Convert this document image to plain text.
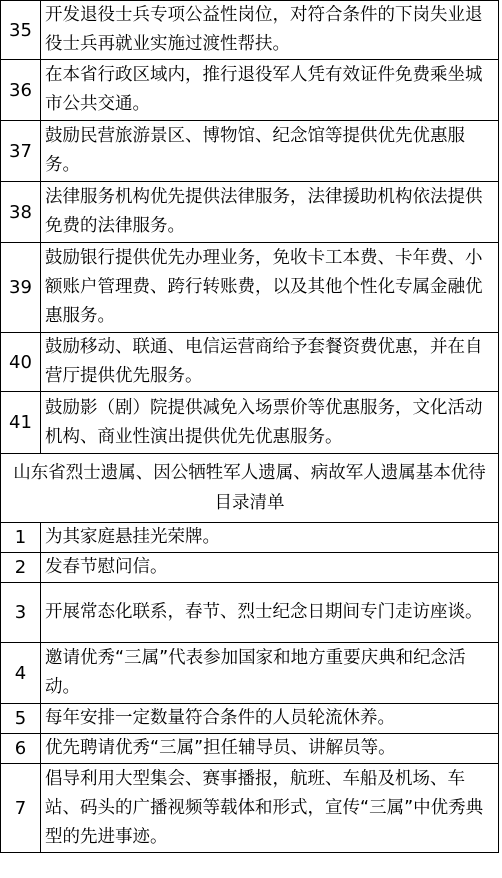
35	开发退役士兵专项公益性岗位，对符合条件的下岗失业退役士兵再就业实施过渡性帮扶。
36	在本省行政区域内，推行退役军人凭有效证件免费乘坐城市公共交通。
37	鼓励民营旅游景区、博物馆、纪念馆等提供优先优惠服务。
38	法律服务机构优先提供法律服务，法律援助机构依法提供免费的法律服务。
39	鼓励银行提供优先办理业务，免收卡工本费、卡年费、小额账户管理费、跨行转账费，以及其他个性化专属金融优惠服务。
40	鼓励移动、联通、电信运营商给予套餐资费优惠，并在自营厅提供优先服务。
41	鼓励影（剧）院提供减免入场票价等优惠服务，文化活动机构、商业性演出提供优先优惠服务。
山东省烈士遗属、因公牺牲军人遗属、病故军人遗属基本优待目录清单	
1	为其家庭悬挂光荣牌。
2	发春节慰问信。
3	开展常态化联系，春节、烈士纪念日期间专门走访座谈。
4	邀请优秀“三属”代表参加国家和地方重要庆典和纪念活动。
5	每年安排一定数量符合条件的人员轮流休养。
6	优先聘请优秀“三属”担任辅导员、讲解员等。
7	倡导利用大型集会、赛事播报，航班、车船及机场、车站、码头的广播视频等载体和形式，宣传“三属”中优秀典型的先进事迹。
